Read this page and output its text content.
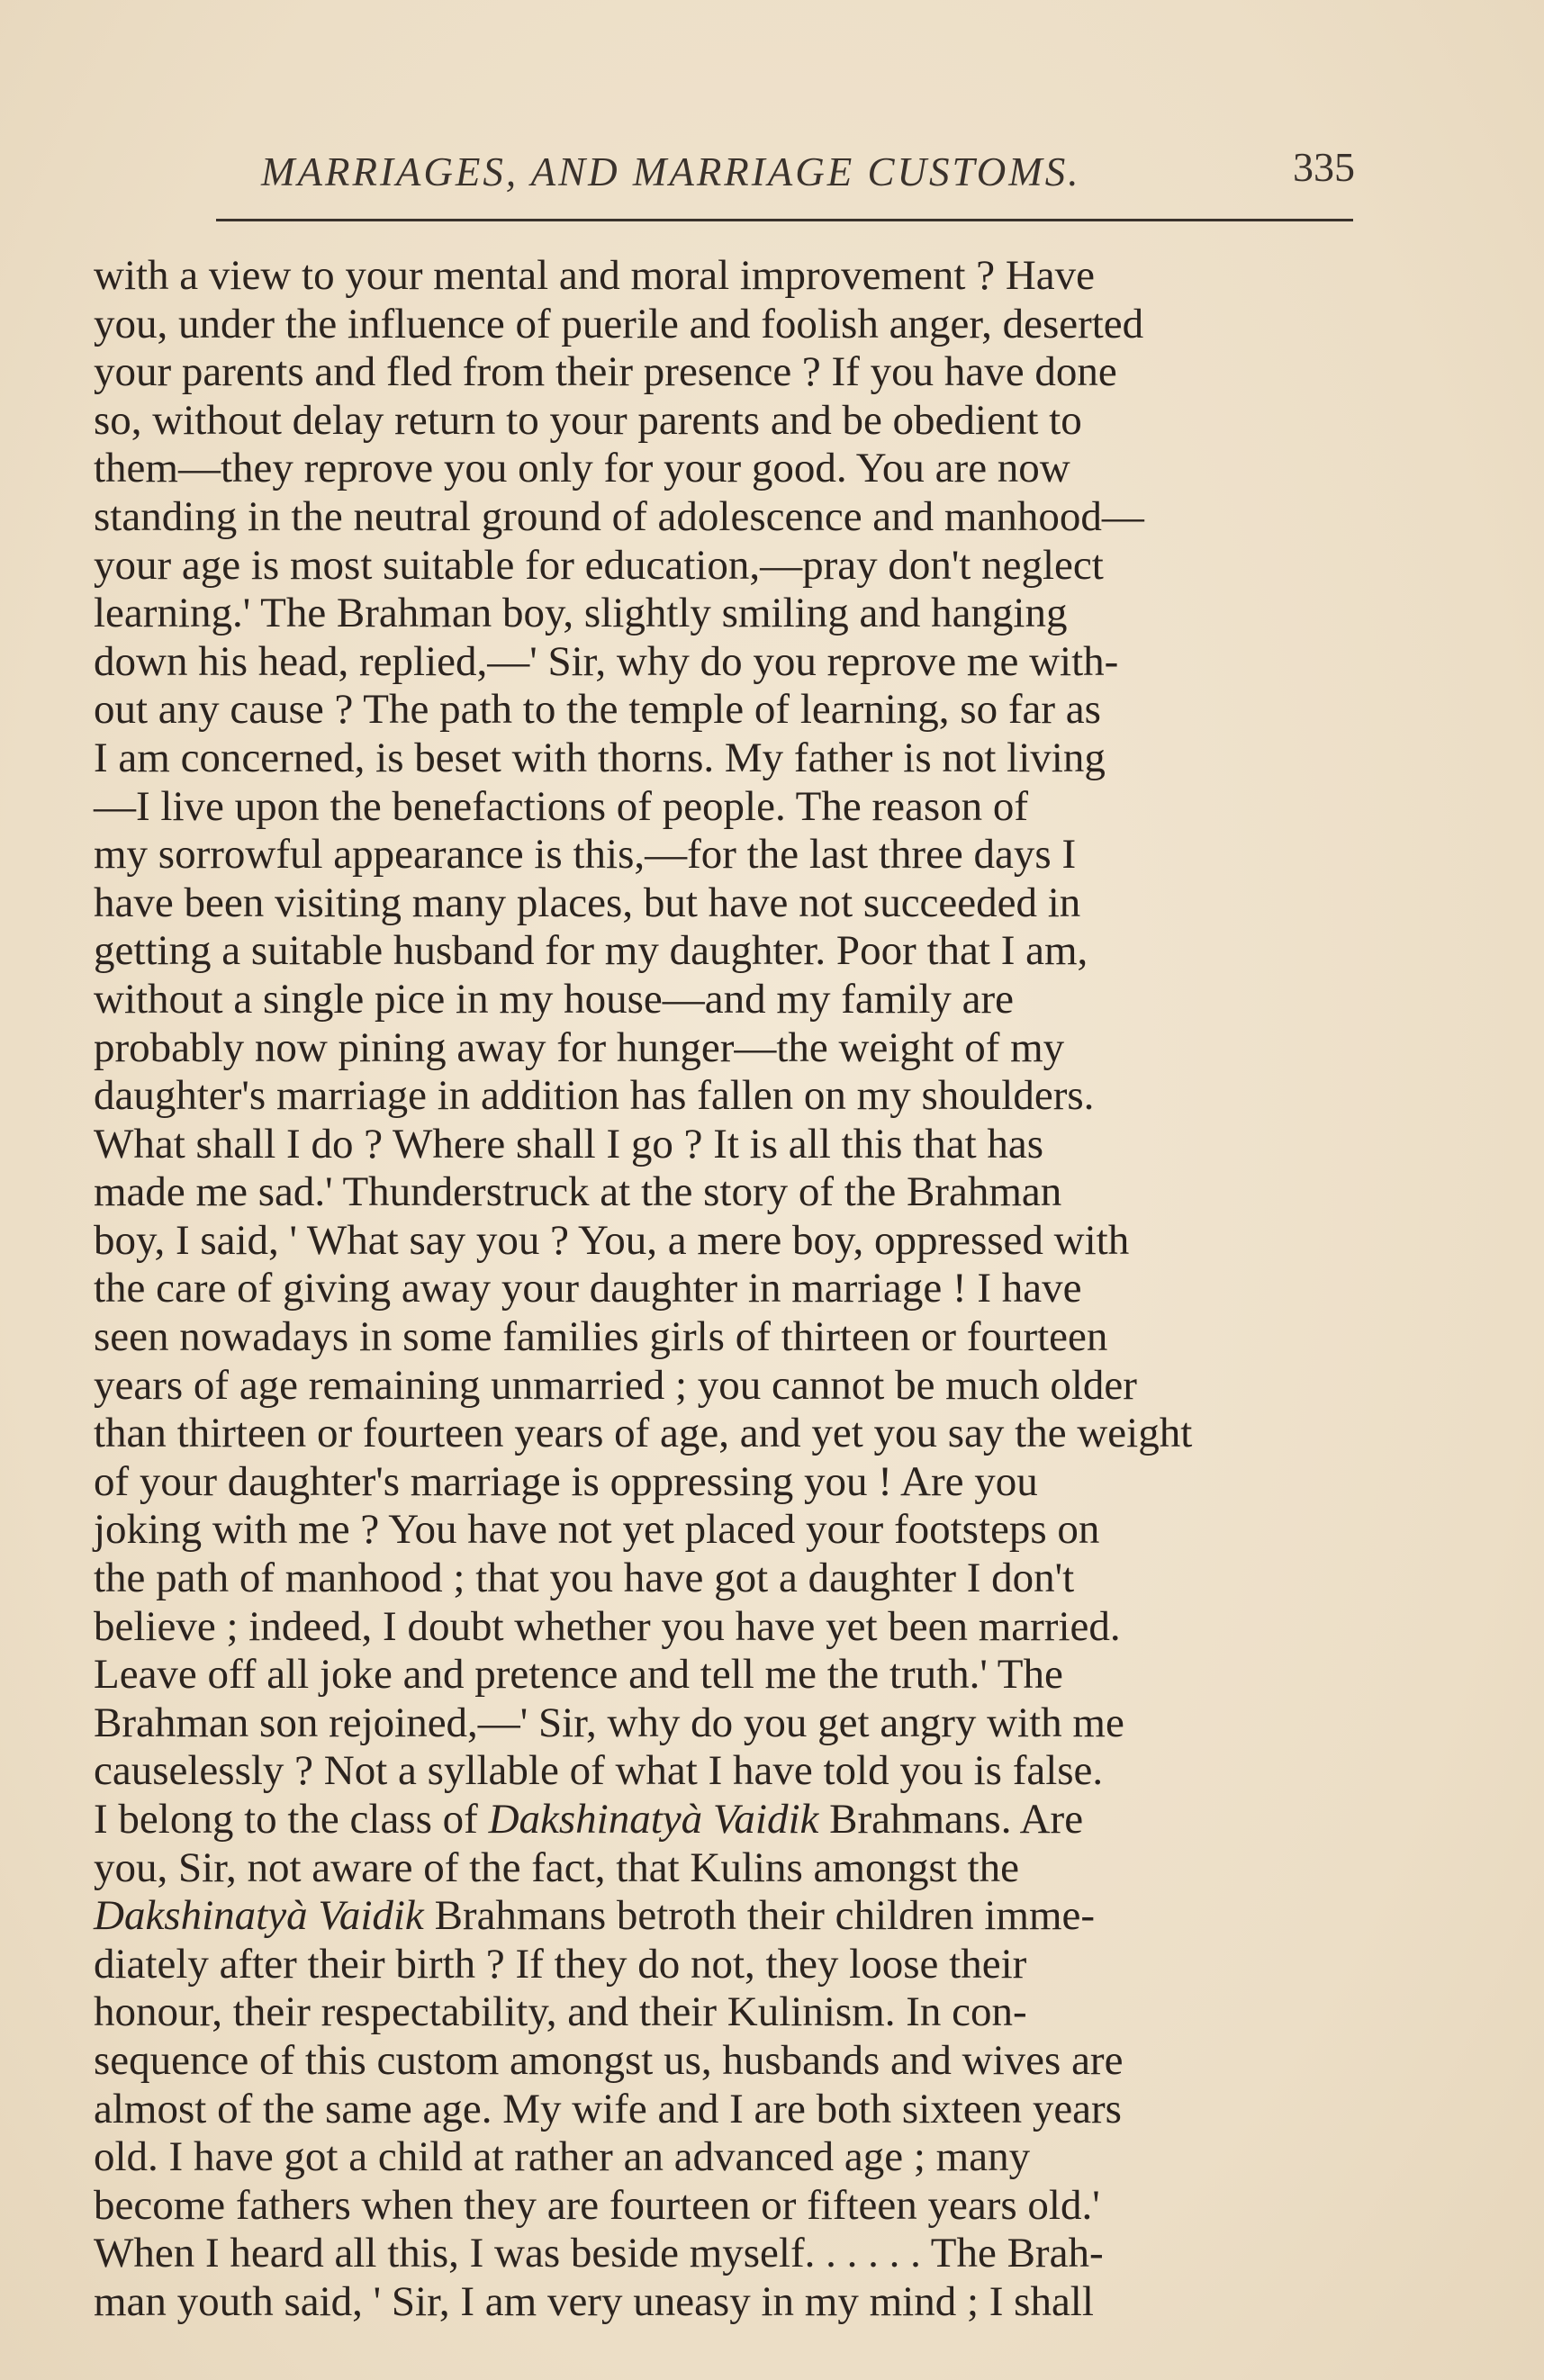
MARRIAGES, AND MARRIAGE CUSTOMS.	335
with a view to your mental and moral improvement ? Have
you, under the influence of puerile and foolish anger, deserted
your parents and fled from their presence ? If you have done
so, without delay return to your parents and be obedient to
them—they reprove you only for your good. You are now
standing in the neutral ground of adolescence and manhood—
your age is most suitable for education,—pray don't neglect
learning.' The Brahman boy, slightly smiling and hanging
down his head, replied,—' Sir, why do you reprove me with-
out any cause ? The path to the temple of learning, so far as
I am concerned, is beset with thorns. My father is not living
—I live upon the benefactions of people. The reason of
my sorrowful appearance is this,—for the last three days I
have been visiting many places, but have not succeeded in
getting a suitable husband for my daughter. Poor that I am,
without a single pice in my house—and my family are
probably now pining away for hunger—the weight of my
daughter's marriage in addition has fallen on my shoulders.
What shall I do ? Where shall I go ? It is all this that has
made me sad.' Thunderstruck at the story of the Brahman
boy, I said, ' What say you ? You, a mere boy, oppressed with
the care of giving away your daughter in marriage ! I have
seen nowadays in some families girls of thirteen or fourteen
years of age remaining unmarried ; you cannot be much older
than thirteen or fourteen years of age, and yet you say the weight
of your daughter's marriage is oppressing you ! Are you
joking with me ? You have not yet placed your footsteps on
the path of manhood ; that you have got a daughter I don't
believe ; indeed, I doubt whether you have yet been married.
Leave off all joke and pretence and tell me the truth.' The
Brahman son rejoined,—' Sir, why do you get angry with me
causelessly ? Not a syllable of what I have told you is false.
I belong to the class of Dakshinatyà Vaidik Brahmans. Are
you, Sir, not aware of the fact, that Kulins amongst the
Dakshinatyà Vaidik Brahmans betroth their children imme-
diately after their birth ? If they do not, they loose their
honour, their respectability, and their Kulinism. In con-
sequence of this custom amongst us, husbands and wives are
almost of the same age. My wife and I are both sixteen years
old. I have got a child at rather an advanced age ; many
become fathers when they are fourteen or fifteen years old.'
When I heard all this, I was beside myself. . . . . . The Brah-
man youth said, ' Sir, I am very uneasy in my mind ; I shall
